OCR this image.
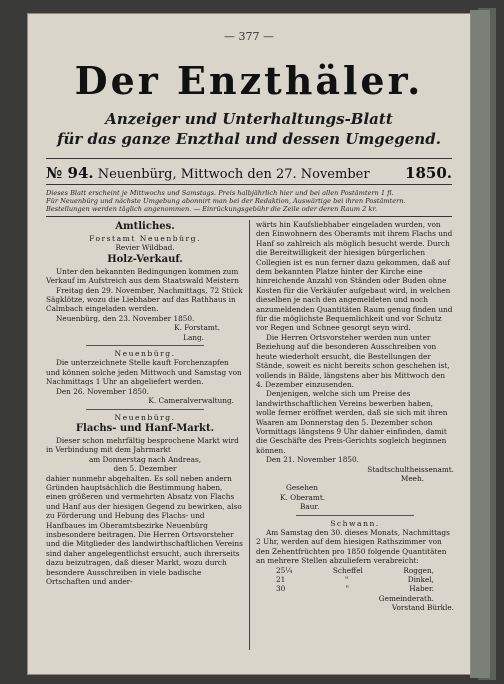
— 377 —
Der Enzthäler.
Anzeiger und Unterhaltungs-Blatt
für das ganze Enzthal und dessen Umgegend.
№ 94. Neuenbürg, Mittwoch den 27. November 1850.

Dieses Blatt erscheint je Mittwochs und Samstags. Preis halbjährlich hier und bei allen Postämtern 1 fl.

Für Neuenbürg und nächste Umgebung abonnirt man bei der Redaktion, Auswärtige bei ihren Postämtern.

Bestellungen werden täglich angenommen. — Einrückungsgebühr die Zeile oder deren Raum 2 kr.

Amtliches.
Forstamt Neuenbürg.
Revier Wildbad.
Holz-Verkauf.

Unter den bekannten Bedingungen kommen zum Verkauf im Aufstreich aus dem Staatswald Meistern

Freitag den 29. November, Nachmittags, 72 Stück Sägklötze, wozu die Liebhaber auf das Rathhaus in Calmbach eingeladen werden.

Neuenbürg, den 23. November 1850.

K. Forstamt.

Lang.

Neuenbürg.

Die unterzeichnete Stelle kauft Forchenzapfen und können solche jeden Mittwoch und Samstag von Nachmittags 1 Uhr an abgeliefert werden.

Den 26. November 1850.

K. Cameralverwaltung.

Neuenbürg.
Flachs- und Hanf-Markt.

Dieser schon mehrfältig besprochene Markt wird in Verbindung mit dem Jahrmarkt

am Donnerstag nach Andreas,

den 5. Dezember

dahier nunmehr abgehalten. Es soll neben andern Gründen hauptsächlich die Bestimmung haben, einen größeren und vermehrten Absatz von Flachs und Hanf aus der hiesigen Gegend zu bewirken, also zu Förderung und Hebung des Flachs- und Hanfbaues im Oberamtsbezirke Neuenbürg insbesondere beitragen. Die Herren Ortsvorsteher und die Mitglieder des landwirthschaftlichen Vereins sind daher angelegentlichst ersucht, auch ihrerseits dazu beizutragen, daß dieser Markt, wozu durch besondere Ausschreiben in viele badische Ortschaften und ander-

wärts hin Kaufsliebhaber eingeladen wurden, von den Einwohnern des Oberamts mit ihrem Flachs und Hanf so zahlreich als möglich besucht werde. Durch die Bereitwilligkeit der hiesigen bürgerlichen Collegien ist es nun ferner dazu gekommen, daß auf dem bekannten Platze hinter der Kirche eine hinreichende Anzahl von Ständen oder Buden ohne Kosten für die Verkäufer aufgebaut wird, in welchen dieselben je nach den angemeldeten und noch anzumeldenden Quantitäten Raum genug finden und für die möglichste Bequemlichkeit und vor Schutz vor Regen und Schnee gesorgt seyn wird.

Die Herren Ortsvorsteher werden nun unter Beziehung auf die besonderen Ausschreiben von heute wiederholt ersucht, die Bestellungen der Stände, soweit es nicht bereits schon geschehen ist, vollends in Bälde, längstens aber bis Mittwoch den 4. Dezember einzusenden.

Denjenigen, welche sich um Preise des landwirthschaftlichen Vereins bewerben haben, wolle ferner eröffnet werden, daß sie sich mit ihren Waaren am Donnerstag den 5. Dezember schon Vormittags längstens 9 Uhr dahier einfinden, damit die Geschäfte des Preis-Gerichts sogleich beginnen können.

Den 21. November 1850.

Stadtschultheissenamt.

Meeh.

Gesehen

K. Oberamt.

Baur.

Schwann.

Am Samstag den 30. dieses Monats, Nachmittags 2 Uhr, werden auf dem hiesigen Rathszimmer von den Zehentfrüchten pro 1850 folgende Quantitäten an mehrere Stellen abzuliefern verabreicht:

25¼	Scheffel	Roggen,
21	"	Dinkel,
30	"	Haber.

Gemeinderath.

Vorstand Bürkle.
